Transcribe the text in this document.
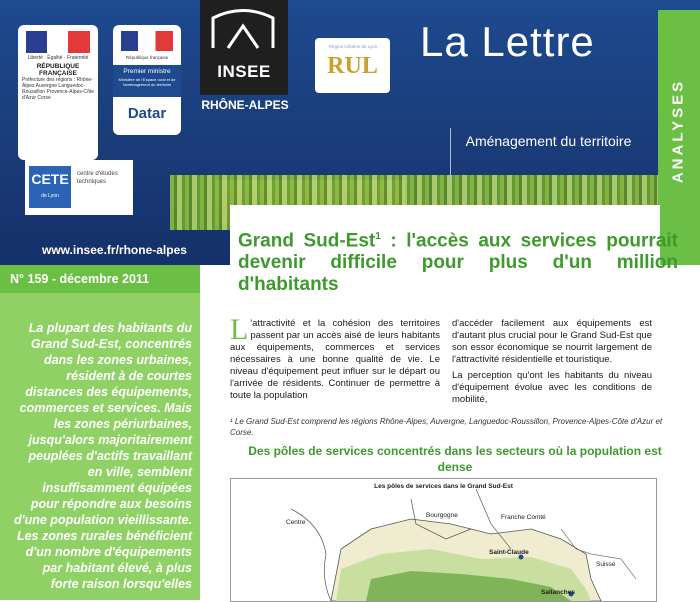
Liberté · Égalité · Fraternité
RÉPUBLIQUE FRANÇAISE
Préfecture des régions : Rhône-Alpes Auvergne Languedoc-Roussillon Provence-Alpes-Côte d'Azur Corse
République française
Premier ministre
Ministère de l'Espace rural et de l'aménagement du territoire
Datar
INSEE
RHÔNE-ALPES
Région Urbaine de Lyon
RUL
La Lettre
Aménagement du territoire
CETE
de Lyon
centre d'études techniques
www.insee.fr/rhone-alpes
ANALYSES
N° 159 - décembre 2011
La plupart des habitants du Grand Sud-Est, concentrés dans les zones urbaines, résident à de courtes distances des équipements, commerces et services. Mais les zones périurbaines, jusqu'alors majoritairement peuplées d'actifs travaillant en ville, semblent insuffisamment équipées pour répondre aux besoins d'une population vieillissante. Les zones rurales bénéficient d'un nombre d'équipements par habitant élevé, à plus forte raison lorsqu'elles
Grand Sud-Est$^1$ : l'accès aux services pourrait devenir difficile pour plus d'un million d'habitants
L 'attractivité et la cohésion des territoires passent par un accès aisé de leurs habitants aux équipements, commerces et services nécessaires à une bonne qualité de vie. Le niveau d'équipement peut influer sur le départ ou l'arrivée de résidents. Continuer de permettre à toute la population

d'accéder facilement aux équipements est d'autant plus crucial pour le Grand Sud-Est que son essor économique se nourrit largement de l'attractivité résidentielle et touristique.

La perception qu'ont les habitants du niveau d'équipement évolue avec les conditions de mobilité,

¹ Le Grand Sud-Est comprend les régions Rhône-Alpes, Auvergne, Languedoc-Roussillon, Provence-Alpes-Côte d'Azur et Corse.
Des pôles de services concentrés dans les secteurs où la population est dense
Les pôles de services dans le Grand Sud-Est
Centre
Bourgogne	Franche Comté
Saint-Claude
Suisse
Sallanches
